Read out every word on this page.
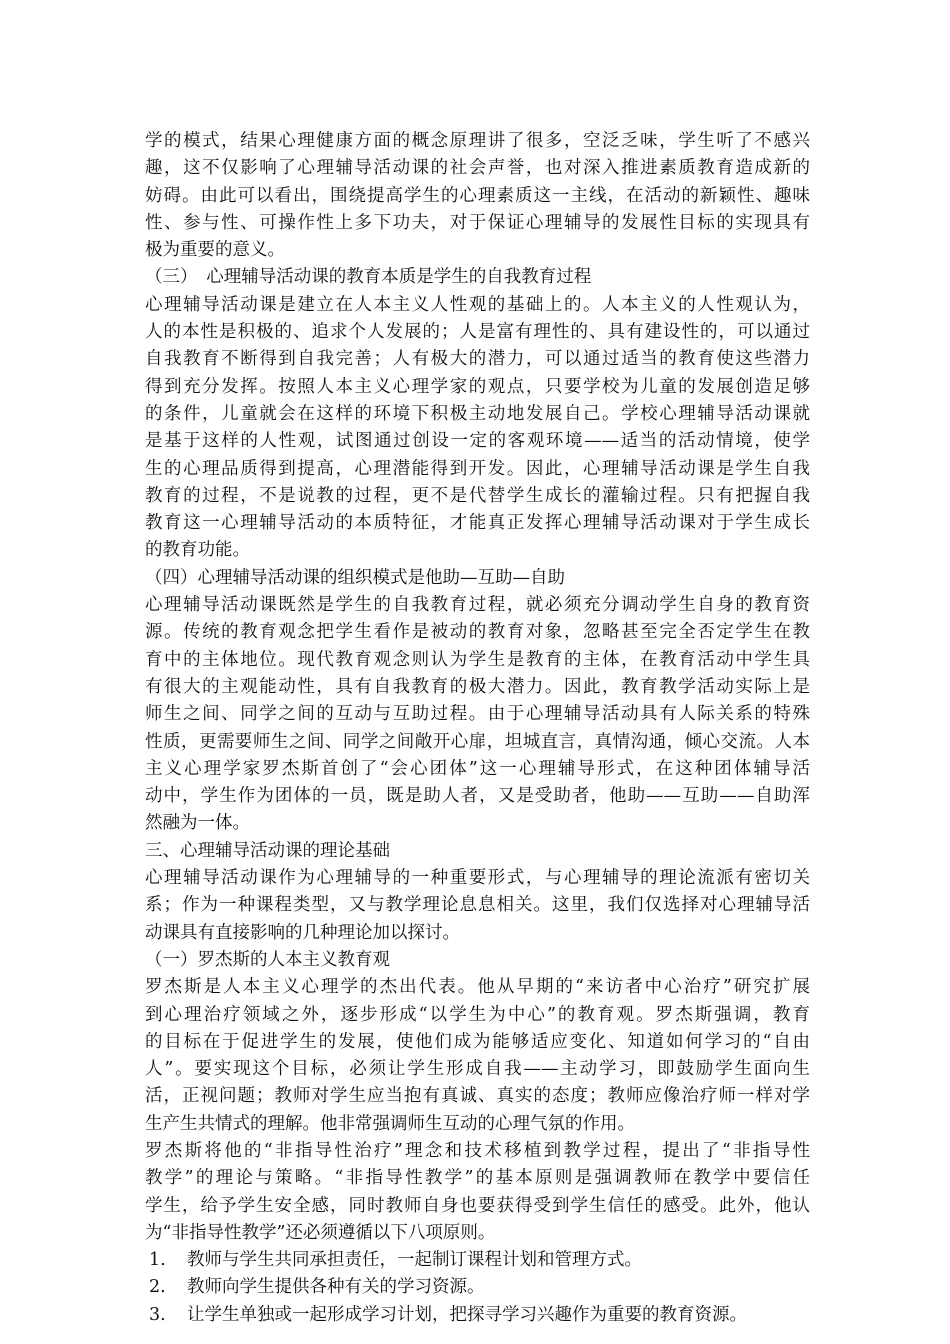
学的模式，结果心理健康方面的概念原理讲了很多，空泛乏味，学生听了不感兴
趣，这不仅影响了心理辅导活动课的社会声誉，也对深入推进素质教育造成新的
妨碍。由此可以看出，围绕提高学生的心理素质这一主线，在活动的新颖性、趣味
性、参与性、可操作性上多下功夫，对于保证心理辅导的发展性目标的实现具有
极为重要的意义。
（三）　心理辅导活动课的教育本质是学生的自我教育过程
心理辅导活动课是建立在人本主义人性观的基础上的。人本主义的人性观认为，
人的本性是积极的、追求个人发展的；人是富有理性的、具有建设性的，可以通过
自我教育不断得到自我完善；人有极大的潜力，可以通过适当的教育使这些潜力
得到充分发挥。按照人本主义心理学家的观点，只要学校为儿童的发展创造足够
的条件，儿童就会在这样的环境下积极主动地发展自己。学校心理辅导活动课就
是基于这样的人性观，试图通过创设一定的客观环境——适当的活动情境，使学
生的心理品质得到提高，心理潜能得到开发。因此，心理辅导活动课是学生自我
教育的过程，不是说教的过程，更不是代替学生成长的灌输过程。只有把握自我
教育这一心理辅导活动的本质特征，才能真正发挥心理辅导活动课对于学生成长
的教育功能。
（四）心理辅导活动课的组织模式是他助—互助—自助
心理辅导活动课既然是学生的自我教育过程，就必须充分调动学生自身的教育资
源。传统的教育观念把学生看作是被动的教育对象，忽略甚至完全否定学生在教
育中的主体地位。现代教育观念则认为学生是教育的主体，在教育活动中学生具
有很大的主观能动性，具有自我教育的极大潜力。因此，教育教学活动实际上是
师生之间、同学之间的互动与互助过程。由于心理辅导活动具有人际关系的特殊
性质，更需要师生之间、同学之间敞开心扉，坦城直言，真情沟通，倾心交流。人本
主义心理学家罗杰斯首创了“会心团体”这一心理辅导形式，在这种团体辅导活
动中，学生作为团体的一员，既是助人者，又是受助者，他助——互助——自助浑
然融为一体。
三、心理辅导活动课的理论基础
心理辅导活动课作为心理辅导的一种重要形式，与心理辅导的理论流派有密切关
系；作为一种课程类型，又与教学理论息息相关。这里，我们仅选择对心理辅导活
动课具有直接影响的几种理论加以探讨。
（一）罗杰斯的人本主义教育观
罗杰斯是人本主义心理学的杰出代表。他从早期的“来访者中心治疗”研究扩展
到心理治疗领域之外，逐步形成“以学生为中心”的教育观。罗杰斯强调，教育
的目标在于促进学生的发展，使他们成为能够适应变化、知道如何学习的“自由
人”。要实现这个目标，必须让学生形成自我——主动学习，即鼓励学生面向生
活，正视问题；教师对学生应当抱有真诚、真实的态度；教师应像治疗师一样对学
生产生共情式的理解。他非常强调师生互动的心理气氛的作用。
罗杰斯将他的“非指导性治疗”理念和技术移植到教学过程，提出了“非指导性
教学”的理论与策略。“非指导性教学”的基本原则是强调教师在教学中要信任
学生，给予学生安全感，同时教师自身也要获得受到学生信任的感受。此外，他认
为“非指导性教学”还必须遵循以下八项原则。
1.	教师与学生共同承担责任，一起制订课程计划和管理方式。
2.	教师向学生提供各种有关的学习资源。
3.	让学生单独或一起形成学习计划，把探寻学习兴趣作为重要的教育资源。
